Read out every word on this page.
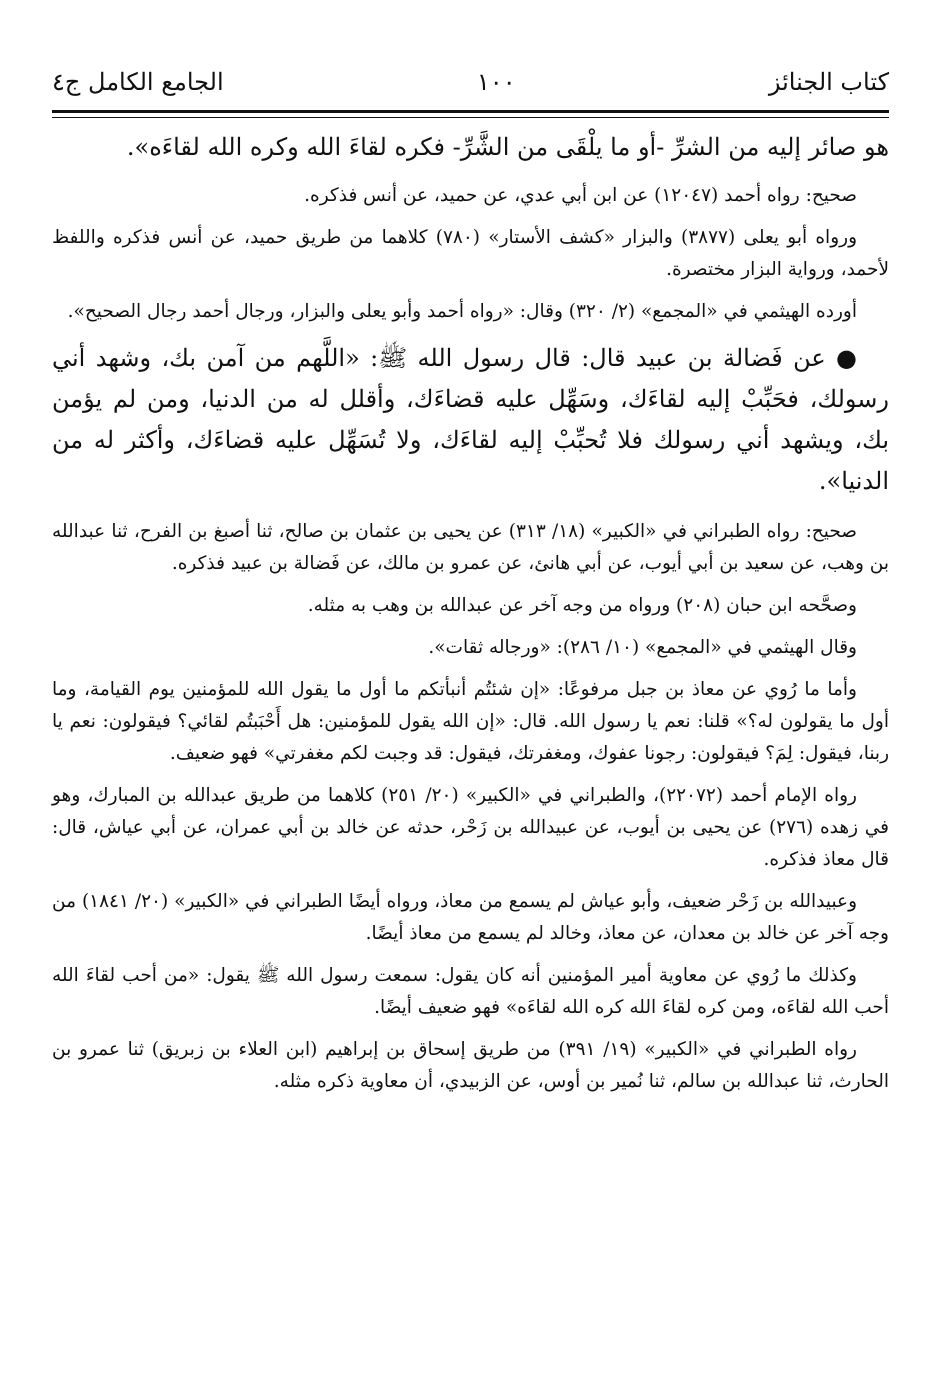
كتاب الجنائز
١٠٠
الجامع الكامل ج٤

هو صائر إليه من الشرِّ -أو ما يلْقَى من الشَّرِّ- فكره لقاءَ الله وكره الله لقاءَه».

صحيح: رواه أحمد (١٢٠٤٧) عن ابن أبي عدي، عن حميد، عن أنس فذكره.

ورواه أبو يعلى (٣٨٧٧) والبزار «كشف الأستار» (٧٨٠) كلاهما من طريق حميد، عن أنس فذكره واللفظ لأحمد، ورواية البزار مختصرة.

أورده الهيثمي في «المجمع» (٢/ ٣٢٠) وقال: «رواه أحمد وأبو يعلى والبزار، ورجال أحمد رجال الصحيح».

● عن فَضالة بن عبيد قال: قال رسول الله ﷺ: «اللَّهم من آمن بك، وشهد أني رسولك، فحَبِّبْ إليه لقاءَك، وسَهِّل عليه قضاءَك، وأقلل له من الدنيا، ومن لم يؤمن بك، ويشهد أني رسولك فلا تُحبِّبْ إليه لقاءَك، ولا تُسَهِّل عليه قضاءَك، وأكثر له من الدنيا».

صحيح: رواه الطبراني في «الكبير» (١٨/ ٣١٣) عن يحيى بن عثمان بن صالح، ثنا أصبغ بن الفرح، ثنا عبدالله بن وهب، عن سعيد بن أبي أيوب، عن أبي هانئ، عن عمرو بن مالك، عن فَضالة بن عبيد فذكره.

وصحَّحه ابن حبان (٢٠٨) ورواه من وجه آخر عن عبدالله بن وهب به مثله.

وقال الهيثمي في «المجمع» (١٠/ ٢٨٦): «ورجاله ثقات».

وأما ما رُوي عن معاذ بن جبل مرفوعًا: «إن شئتُم أنبأتكم ما أول ما يقول الله للمؤمنين يوم القيامة، وما أول ما يقولون له؟» قلنا: نعم يا رسول الله. قال: «إن الله يقول للمؤمنين: هل أَحْبَبتُم لقائي؟ فيقولون: نعم يا ربنا، فيقول: لِمَ؟ فيقولون: رجونا عفوك، ومغفرتك، فيقول: قد وجبت لكم مغفرتي» فهو ضعيف.

رواه الإمام أحمد (٢٢٠٧٢)، والطبراني في «الكبير» (٢٠/ ٢٥١) كلاهما من طريق عبدالله بن المبارك، وهو في زهده (٢٧٦) عن يحيى بن أيوب، عن عبيدالله بن زَحْر، حدثه عن خالد بن أبي عمران، عن أبي عياش، قال: قال معاذ فذكره.

وعبيدالله بن زَحْر ضعيف، وأبو عياش لم يسمع من معاذ، ورواه أيضًا الطبراني في «الكبير» (٢٠/ ١٨٤١) من وجه آخر عن خالد بن معدان، عن معاذ، وخالد لم يسمع من معاذ أيضًا.

وكذلك ما رُوي عن معاوية أمير المؤمنين أنه كان يقول: سمعت رسول الله ﷺ يقول: «من أحب لقاءَ الله أحب الله لقاءَه، ومن كره لقاءَ الله كره الله لقاءَه» فهو ضعيف أيضًا.

رواه الطبراني في «الكبير» (١٩/ ٣٩١) من طريق إسحاق بن إبراهيم (ابن العلاء بن زبريق) ثنا عمرو بن الحارث، ثنا عبدالله بن سالم، ثنا نُمير بن أوس، عن الزبيدي، أن معاوية ذكره مثله.
